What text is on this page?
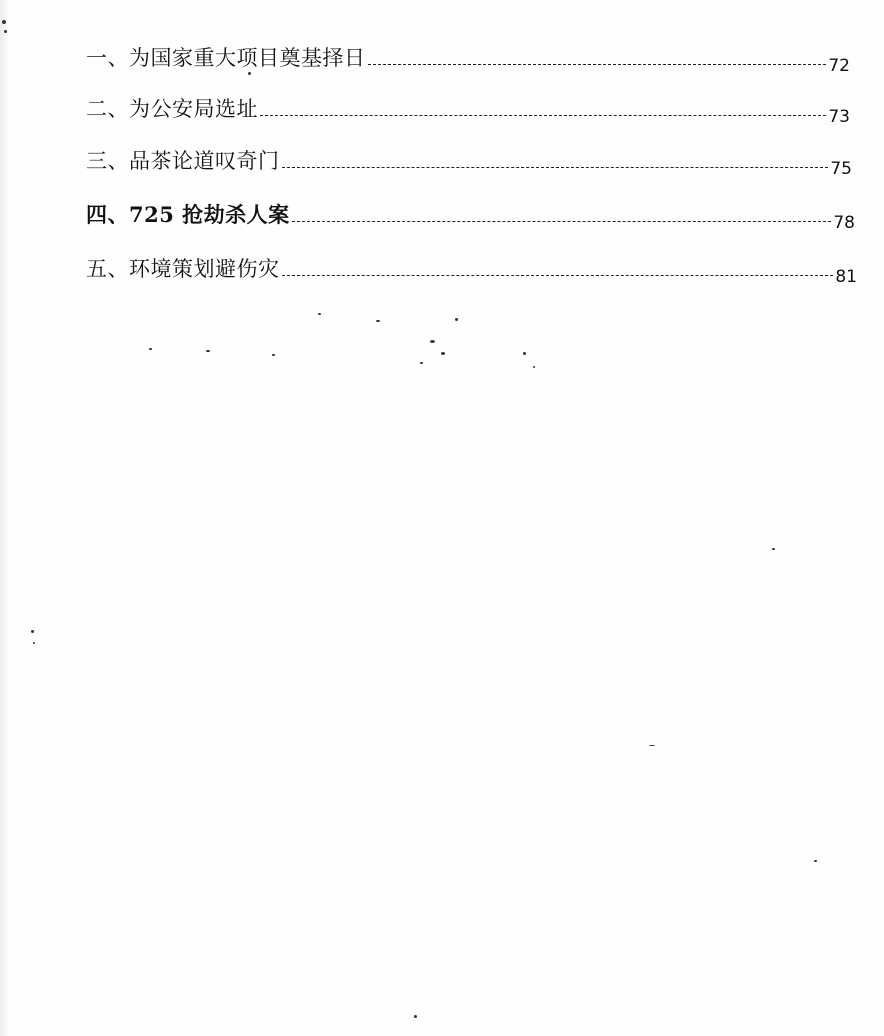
一、为国家重大项目奠基择日	72
二、为公安局选址	73
三、品茶论道叹奇门	75
四、725 抢劫杀人案	78
五、环境策划避伤灾	81
